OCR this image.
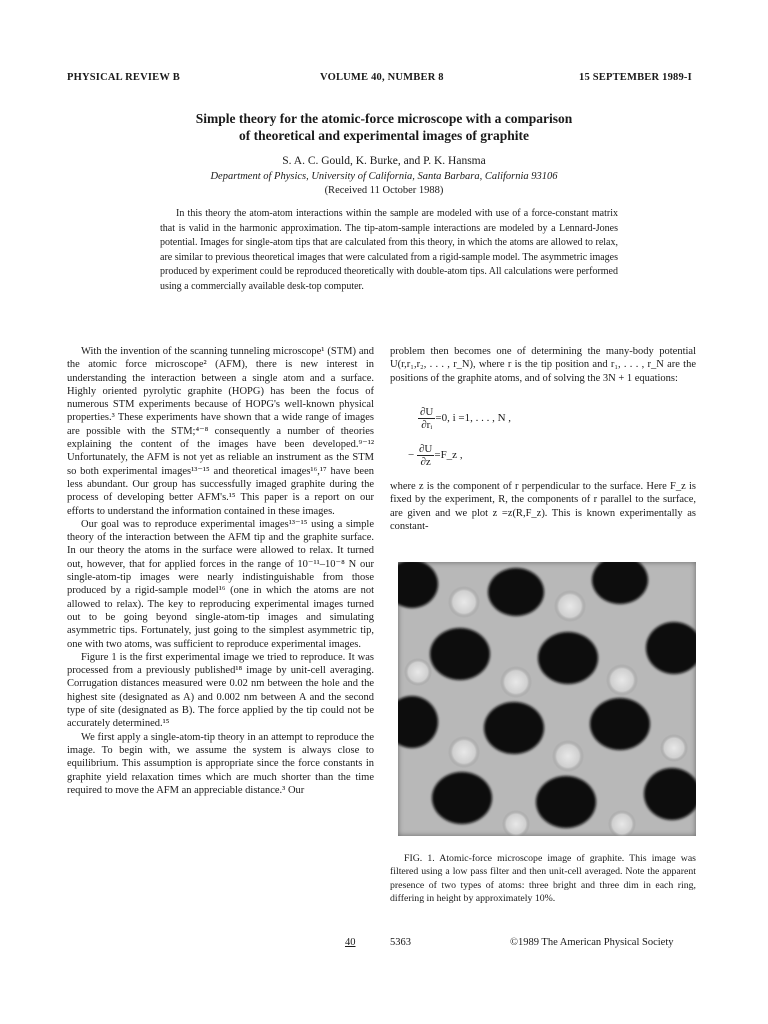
PHYSICAL REVIEW B	VOLUME 40, NUMBER 8	15 SEPTEMBER 1989-I
Simple theory for the atomic-force microscope with a comparison
of theoretical and experimental images of graphite
S. A. C. Gould, K. Burke, and P. K. Hansma
Department of Physics, University of California, Santa Barbara, California 93106
(Received 11 October 1988)

In this theory the atom-atom interactions within the sample are modeled with use of a force-constant matrix that is valid in the harmonic approximation. The tip-atom-sample interactions are modeled by a Lennard-Jones potential. Images for single-atom tips that are calculated from this theory, in which the atoms are allowed to relax, are similar to previous theoretical images that were calculated from a rigid-sample model. The asymmetric images produced by experiment could be reproduced theoretically with double-atom tips. All calculations were performed using a commercially available desk-top computer.

With the invention of the scanning tunneling microscope¹ (STM) and the atomic force microscope² (AFM), there is new interest in understanding the interaction between a single atom and a surface. Highly oriented pyrolytic graphite (HOPG) has been the focus of numerous STM experiments because of HOPG's well-known physical properties.³ These experiments have shown that a wide range of images are possible with the STM;⁴⁻⁸ consequently a number of theories explaining the content of the images have been developed.⁹⁻¹² Unfortunately, the AFM is not yet as reliable an instrument as the STM so both experimental images¹³⁻¹⁵ and theoretical images¹⁶,¹⁷ have been less abundant. Our group has successfully imaged graphite during the process of developing better AFM's.¹⁵ This paper is a report on our efforts to understand the information contained in these images.

Our goal was to reproduce experimental images¹³⁻¹⁵ using a simple theory of the interaction between the AFM tip and the graphite surface. In our theory the atoms in the surface were allowed to relax. It turned out, however, that for applied forces in the range of 10⁻¹¹–10⁻⁸ N our single-atom-tip images were nearly indistinguishable from those produced by a rigid-sample model¹⁶ (one in which the atoms are not allowed to relax). The key to reproducing experimental images turned out to be going beyond single-atom-tip images and simulating asymmetric tips. Fortunately, just going to the simplest asymmetric tip, one with two atoms, was sufficient to reproduce experimental images.

Figure 1 is the first experimental image we tried to reproduce. It was processed from a previously published¹⁸ image by unit-cell averaging. Corrugation distances measured were 0.02 nm between the hole and the highest site (designated as A) and 0.002 nm between A and the second type of site (designated as B). The force applied by the tip could not be accurately determined.¹⁵

We first apply a single-atom-tip theory in an attempt to reproduce the image. To begin with, we assume the system is always close to equilibrium. This assumption is appropriate since the force constants in graphite yield relaxation times which are much shorter than the time required to move the AFM an appreciable distance.³ Our

problem then becomes one of determining the many-body potential U(r,r₁,r₂, . . . , r_N), where r is the tip position and r₁, . . . , r_N are the positions of the graphite atoms, and of solving the 3N + 1 equations:

$\frac{\partial U}{\text{∂rᵢ}} =0$, i =1, . . . , N ,
− $\frac{\partial U}{\partial z}$ =F_z ,

where z is the component of r perpendicular to the surface. Here F_z is fixed by the experiment, R, the components of r parallel to the surface, are given and we plot z =z(R,F_z). This is known experimentally as constant-

FIG. 1. Atomic-force microscope image of graphite. This image was filtered using a low pass filter and then unit-cell averaged. Note the apparent presence of two types of atoms: three bright and three dim in each ring, differing in height by approximately 10%.

40	5363	©1989 The American Physical Society
